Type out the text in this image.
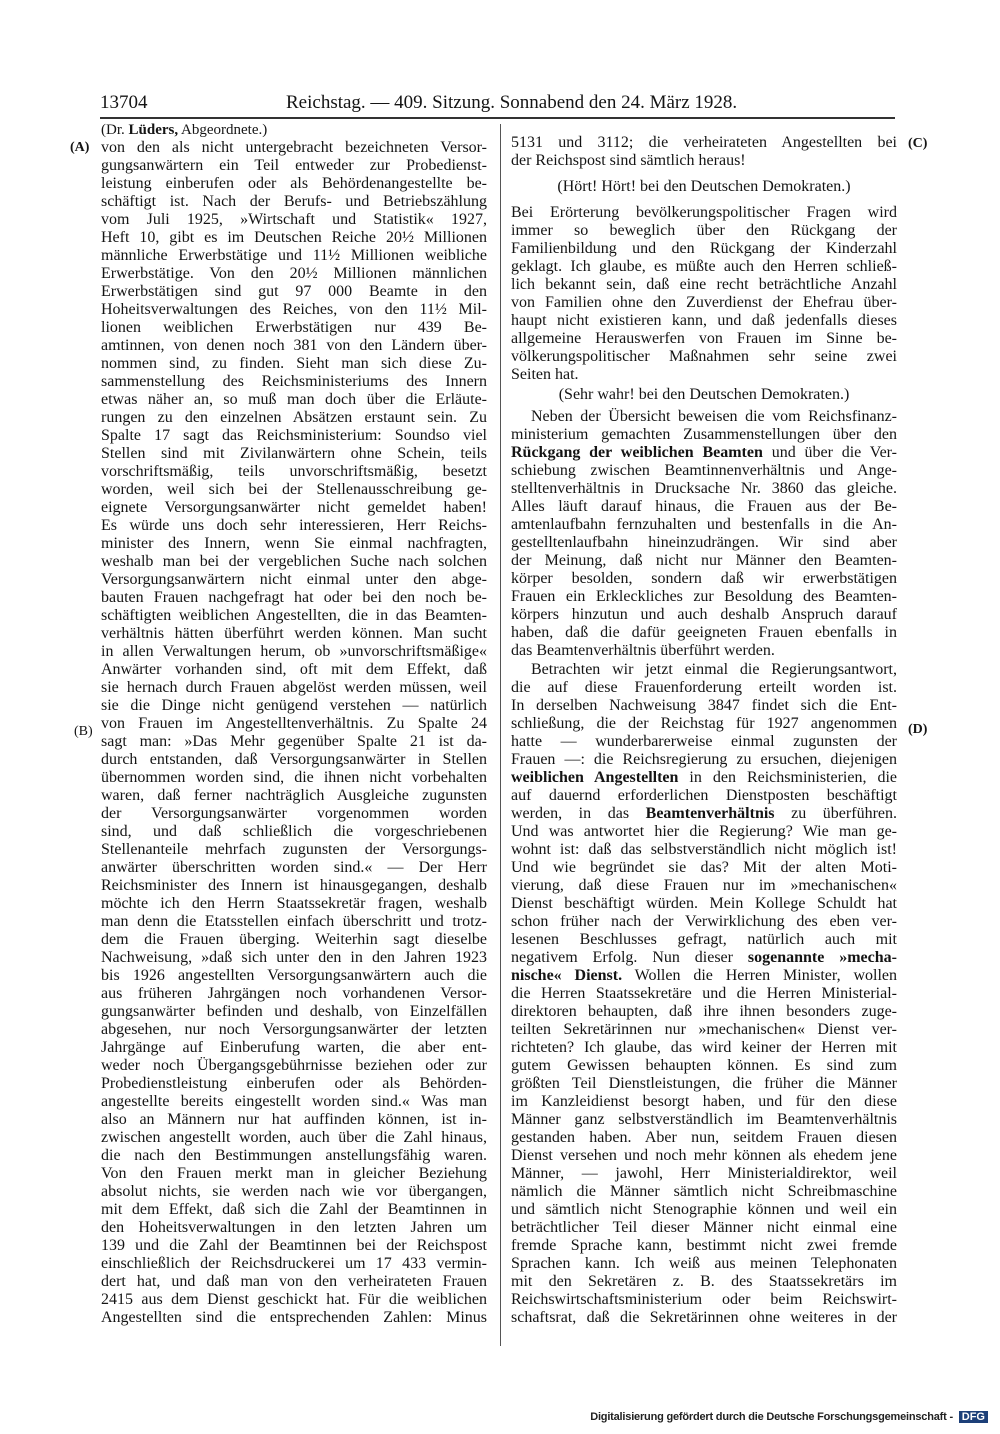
13704	Reichstag. — 409. Sitzung. Sonnabend den 24. März 1928.
(A)
(B)
(C)
(D)
(Dr. Lüders, Abgeordnete.)
von den als nicht untergebracht bezeichneten Versor-
gungsanwärtern ein Teil entweder zur Probedienst-
leistung einberufen oder als Behördenangestellte be-
schäftigt ist. Nach der Berufs- und Betriebszählung
vom Juli 1925, »Wirtschaft und Statistik« 1927,
Heft 10, gibt es im Deutschen Reiche 20½ Millionen
männliche Erwerbstätige und 11½ Millionen weibliche
Erwerbstätige. Von den 20½ Millionen männlichen
Erwerbstätigen sind gut 97 000 Beamte in den
Hoheitsverwaltungen des Reiches, von den 11½ Mil-
lionen weiblichen Erwerbstätigen nur 439 Be-
amtinnen, von denen noch 381 von den Ländern über-
nommen sind, zu finden. Sieht man sich diese Zu-
sammenstellung des Reichsministeriums des Innern
etwas näher an, so muß man doch über die Erläute-
rungen zu den einzelnen Absätzen erstaunt sein. Zu
Spalte 17 sagt das Reichsministerium: Soundso viel
Stellen sind mit Zivilanwärtern ohne Schein, teils
vorschriftsmäßig, teils unvorschriftsmäßig, besetzt
worden, weil sich bei der Stellenausschreibung ge-
eignete Versorgungsanwärter nicht gemeldet haben!
Es würde uns doch sehr interessieren, Herr Reichs-
minister des Innern, wenn Sie einmal nachfragten,
weshalb man bei der vergeblichen Suche nach solchen
Versorgungsanwärtern nicht einmal unter den abge-
bauten Frauen nachgefragt hat oder bei den noch be-
schäftigten weiblichen Angestellten, die in das Beamten-
verhältnis hätten überführt werden können. Man sucht
in allen Verwaltungen herum, ob »unvorschriftsmäßige«
Anwärter vorhanden sind, oft mit dem Effekt, daß
sie hernach durch Frauen abgelöst werden müssen, weil
sie die Dinge nicht genügend verstehen — natürlich
von Frauen im Angestelltenverhältnis. Zu Spalte 24
sagt man: »Das Mehr gegenüber Spalte 21 ist da-
durch entstanden, daß Versorgungsanwärter in Stellen
übernommen worden sind, die ihnen nicht vorbehalten
waren, daß ferner nachträglich Ausgleiche zugunsten
der Versorgungsanwärter vorgenommen worden
sind, und daß schließlich die vorgeschriebenen
Stellenanteile mehrfach zugunsten der Versorgungs-
anwärter überschritten worden sind.« — Der Herr
Reichsminister des Innern ist hinausgegangen, deshalb
möchte ich den Herrn Staatssekretär fragen, weshalb
man denn die Etatsstellen einfach überschritt und trotz-
dem die Frauen überging. Weiterhin sagt dieselbe
Nachweisung, »daß sich unter den in den Jahren 1923
bis 1926 angestellten Versorgungsanwärtern auch die
aus früheren Jahrgängen noch vorhandenen Versor-
gungsanwärter befinden und deshalb, von Einzelfällen
abgesehen, nur noch Versorgungsanwärter der letzten
Jahrgänge auf Einberufung warten, die aber ent-
weder noch Übergangsgebührnisse beziehen oder zur
Probedienstleistung einberufen oder als Behörden-
angestellte bereits eingestellt worden sind.« Was man
also an Männern nur hat auffinden können, ist in-
zwischen angestellt worden, auch über die Zahl hinaus,
die nach den Bestimmungen anstellungsfähig waren.
Von den Frauen merkt man in gleicher Beziehung
absolut nichts, sie werden nach wie vor übergangen,
mit dem Effekt, daß sich die Zahl der Beamtinnen in
den Hoheitsverwaltungen in den letzten Jahren um
139 und die Zahl der Beamtinnen bei der Reichspost
einschließlich der Reichsdruckerei um 17 433 vermin-
dert hat, und daß man von den verheirateten Frauen
2415 aus dem Dienst geschickt hat. Für die weiblichen
Angestellten sind die entsprechenden Zahlen: Minus
5131 und 3112; die verheirateten Angestellten bei
der Reichspost sind sämtlich heraus!
(Hört! Hört! bei den Deutschen Demokraten.)
Bei Erörterung bevölkerungspolitischer Fragen wird
immer so beweglich über den Rückgang der
Familienbildung und den Rückgang der Kinderzahl
geklagt. Ich glaube, es müßte auch den Herren schließ-
lich bekannt sein, daß eine recht beträchtliche Anzahl
von Familien ohne den Zuverdienst der Ehefrau über-
haupt nicht existieren kann, und daß jedenfalls dieses
allgemeine Herauswerfen von Frauen im Sinne be-
völkerungspolitischer Maßnahmen sehr seine zwei
Seiten hat.
(Sehr wahr! bei den Deutschen Demokraten.)
Neben der Übersicht beweisen die vom Reichsfinanz-
ministerium gemachten Zusammenstellungen über den
Rückgang der weiblichen Beamten und über die Ver-
schiebung zwischen Beamtinnenverhältnis und Ange-
stelltenverhältnis in Drucksache Nr. 3860 das gleiche.
Alles läuft darauf hinaus, die Frauen aus der Be-
amtenlaufbahn fernzuhalten und bestenfalls in die An-
gestelltenlaufbahn hineinzudrängen. Wir sind aber
der Meinung, daß nicht nur Männer den Beamten-
körper besolden, sondern daß wir erwerbstätigen
Frauen ein Erkleckliches zur Besoldung des Beamten-
körpers hinzutun und auch deshalb Anspruch darauf
haben, daß die dafür geeigneten Frauen ebenfalls in
das Beamtenverhältnis überführt werden.
Betrachten wir jetzt einmal die Regierungsantwort,
die auf diese Frauenforderung erteilt worden ist.
In derselben Nachweisung 3847 findet sich die Ent-
schließung, die der Reichstag für 1927 angenommen
hatte — wunderbarerweise einmal zugunsten der
Frauen —: die Reichsregierung zu ersuchen, diejenigen
weiblichen Angestellten in den Reichsministerien, die
auf dauernd erforderlichen Dienstposten beschäftigt
werden, in das Beamtenverhältnis zu überführen.
Und was antwortet hier die Regierung? Wie man ge-
wohnt ist: daß das selbstverständlich nicht möglich ist!
Und wie begründet sie das? Mit der alten Moti-
vierung, daß diese Frauen nur im »mechanischen«
Dienst beschäftigt würden. Mein Kollege Schuldt hat
schon früher nach der Verwirklichung des eben ver-
lesenen Beschlusses gefragt, natürlich auch mit
negativem Erfolg. Nun dieser sogenannte »mecha-
nische« Dienst. Wollen die Herren Minister, wollen
die Herren Staatssekretäre und die Herren Ministerial-
direktoren behaupten, daß ihre ihnen besonders zuge-
teilten Sekretärinnen nur »mechanischen« Dienst ver-
richteten? Ich glaube, das wird keiner der Herren mit
gutem Gewissen behaupten können. Es sind zum
größten Teil Dienstleistungen, die früher die Männer
im Kanzleidienst besorgt haben, und für den diese
Männer ganz selbstverständlich im Beamtenverhältnis
gestanden haben. Aber nun, seitdem Frauen diesen
Dienst versehen und noch mehr können als ehedem jene
Männer, — jawohl, Herr Ministerialdirektor, weil
nämlich die Männer sämtlich nicht Schreibmaschine
und sämtlich nicht Stenographie können und weil ein
beträchtlicher Teil dieser Männer nicht einmal eine
fremde Sprache kann, bestimmt nicht zwei fremde
Sprachen kann. Ich weiß aus meinen Telephonaten
mit den Sekretären z. B. des Staatssekretärs im
Reichswirtschaftsministerium oder beim Reichswirt-
schaftsrat, daß die Sekretärinnen ohne weiteres in der
Digitalisierung gefördert durch die Deutsche Forschungsgemeinschaft - DFG
